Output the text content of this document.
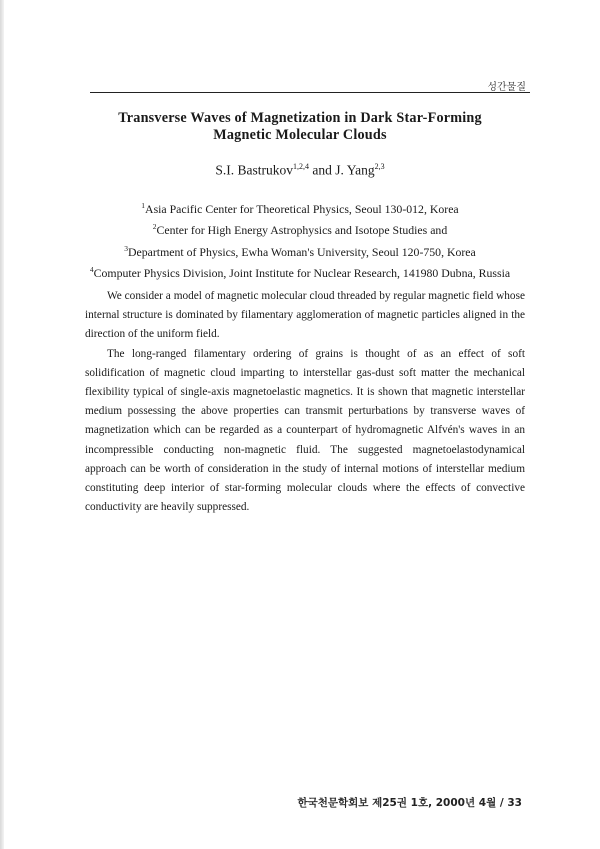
성간물질
Transverse Waves of Magnetization in Dark Star-Forming
Magnetic Molecular Clouds
S.I. Bastrukov$^{1,2,4}$ and J. Yang$^{2,3}$
$^1$Asia Pacific Center for Theoretical Physics, Seoul 130-012, Korea
$^2$Center for High Energy Astrophysics and Isotope Studies and
$^3$Department of Physics, Ewha Woman's University, Seoul 120-750, Korea
$^4$Computer Physics Division, Joint Institute for Nuclear Research, 141980 Dubna, Russia

We consider a model of magnetic molecular cloud threaded by regular magnetic field whose internal structure is dominated by filamentary agglomeration of magnetic particles aligned in the direction of the uniform field.

The long-ranged filamentary ordering of grains is thought of as an effect of soft solidification of magnetic cloud imparting to interstellar gas-dust soft matter the mechanical flexibility typical of single-axis magnetoelastic magnetics. It is shown that magnetic interstellar medium possessing the above properties can transmit perturbations by transverse waves of magnetization which can be regarded as a counterpart of hydromagnetic Alfvén's waves in an incompressible conducting non-magnetic fluid. The suggested magnetoelastodynamical approach can be worth of consideration in the study of internal motions of interstellar medium constituting deep interior of star-forming molecular clouds where the effects of convective conductivity are heavily suppressed.

한국천문학회보 제25권 1호, 2000년 4월 / 33
